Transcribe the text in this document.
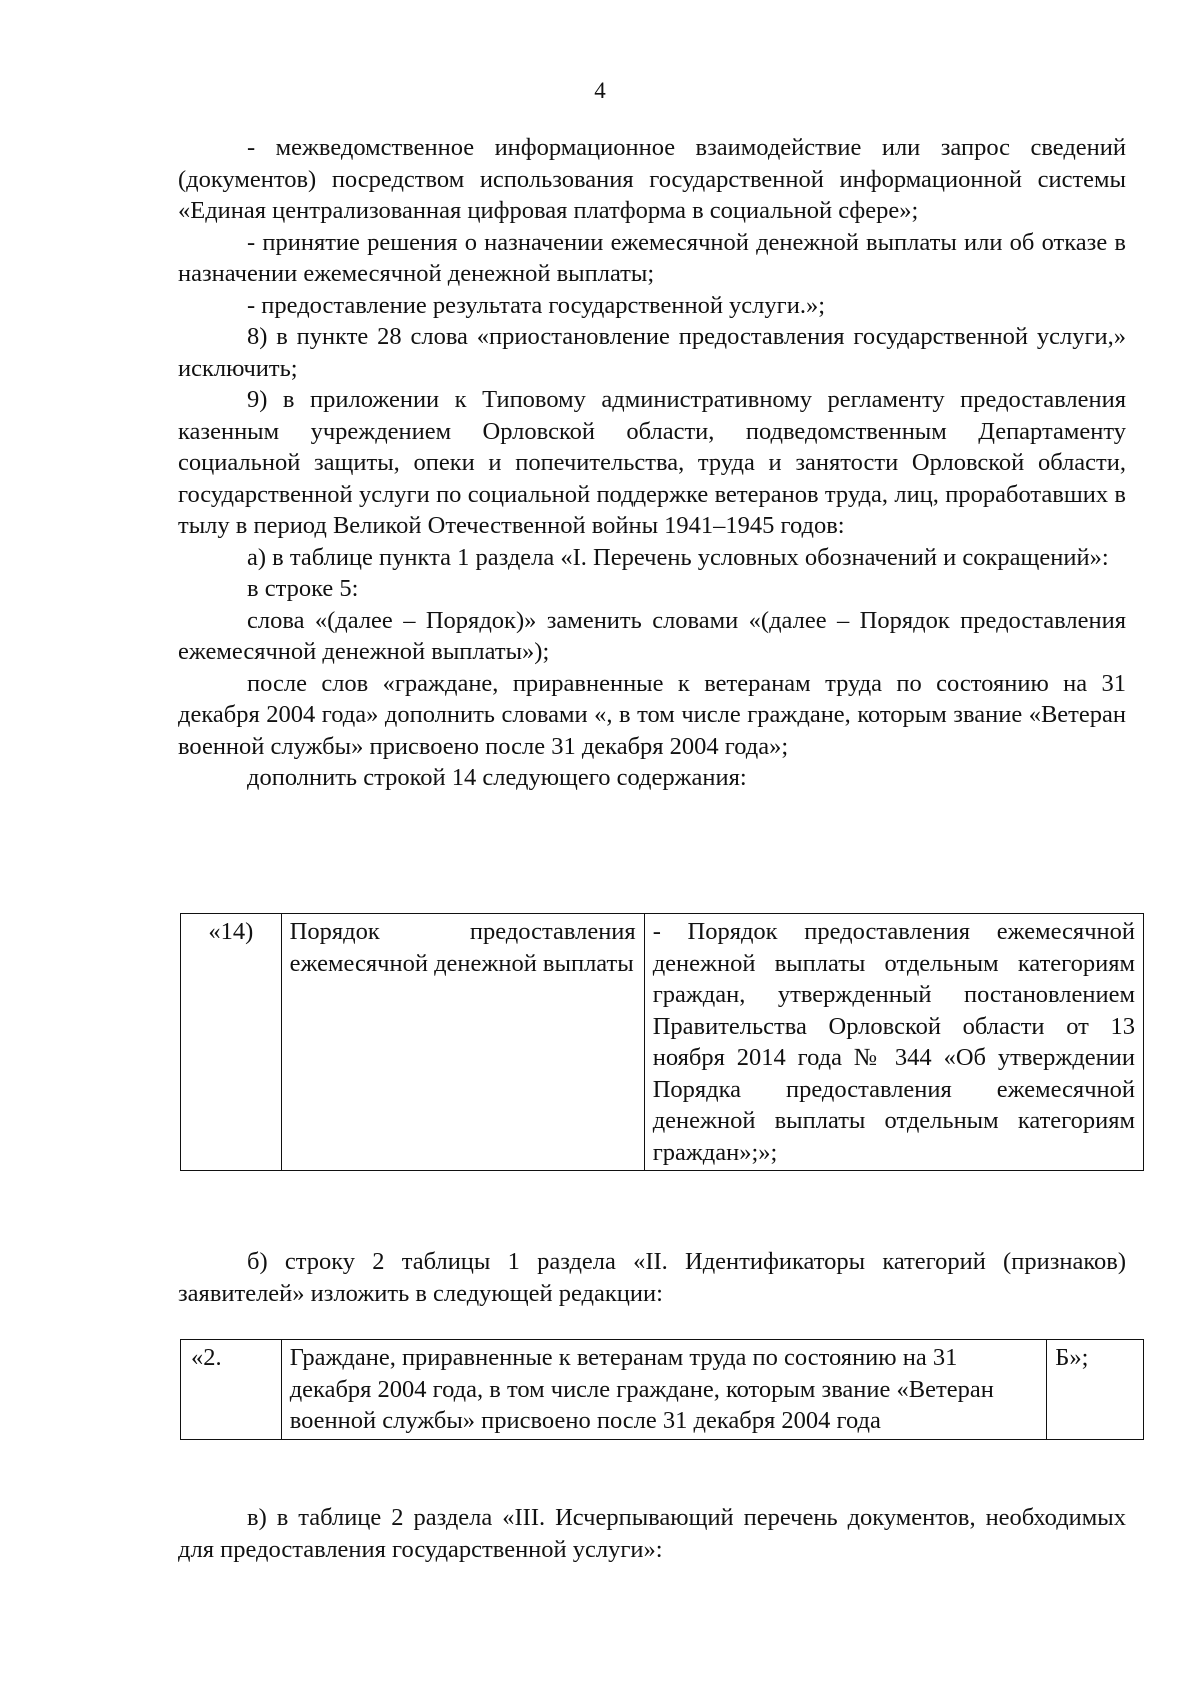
4

- межведомственное информационное взаимодействие или запрос сведений (документов) посредством использования государственной информационной системы «Единая централизованная цифровая платформа в социальной сфере»;

- принятие решения о назначении ежемесячной денежной выплаты или об отказе в назначении ежемесячной денежной выплаты;

- предоставление результата государственной услуги.»;

8) в пункте 28 слова «приостановление предоставления государственной услуги,» исключить;

9) в приложении к Типовому административному регламенту предоставления казенным учреждением Орловской области, подведомственным Департаменту социальной защиты, опеки и попечительства, труда и занятости Орловской области, государственной услуги по социальной поддержке ветеранов труда, лиц, проработавших в тылу в период Великой Отечественной войны 1941–1945 годов:

а) в таблице пункта 1 раздела «I. Перечень условных обозначений и сокращений»:

в строке 5:

слова «(далее – Порядок)» заменить словами «(далее – Порядок предоставления ежемесячной денежной выплаты»);

после слов «граждане, приравненные к ветеранам труда по состоянию на 31 декабря 2004 года» дополнить словами «, в том числе граждане, которым звание «Ветеран военной службы» присвоено после 31 декабря 2004 года»;

дополнить строкой 14 следующего содержания:

«14)	Порядок предоставления ежемесячной денежной выплаты	- Порядок предоставления ежемесячной денежной выплаты отдельным категориям граждан, утвержденный постановлением Правительства Орловской области от 13 ноября 2014 года № 344 «Об утверждении Порядка предоставления ежемесячной денежной выплаты отдельным категориям граждан»;»;

б) строку 2 таблицы 1 раздела «II. Идентификаторы категорий (признаков) заявителей» изложить в следующей редакции:

«2.	Граждане, приравненные к ветеранам труда по состоянию на 31 декабря 2004 года, в том числе граждане, которым звание «Ветеран военной службы» присвоено после 31 декабря 2004 года	Б»;

в) в таблице 2 раздела «III. Исчерпывающий перечень документов, необходимых для предоставления государственной услуги»:
